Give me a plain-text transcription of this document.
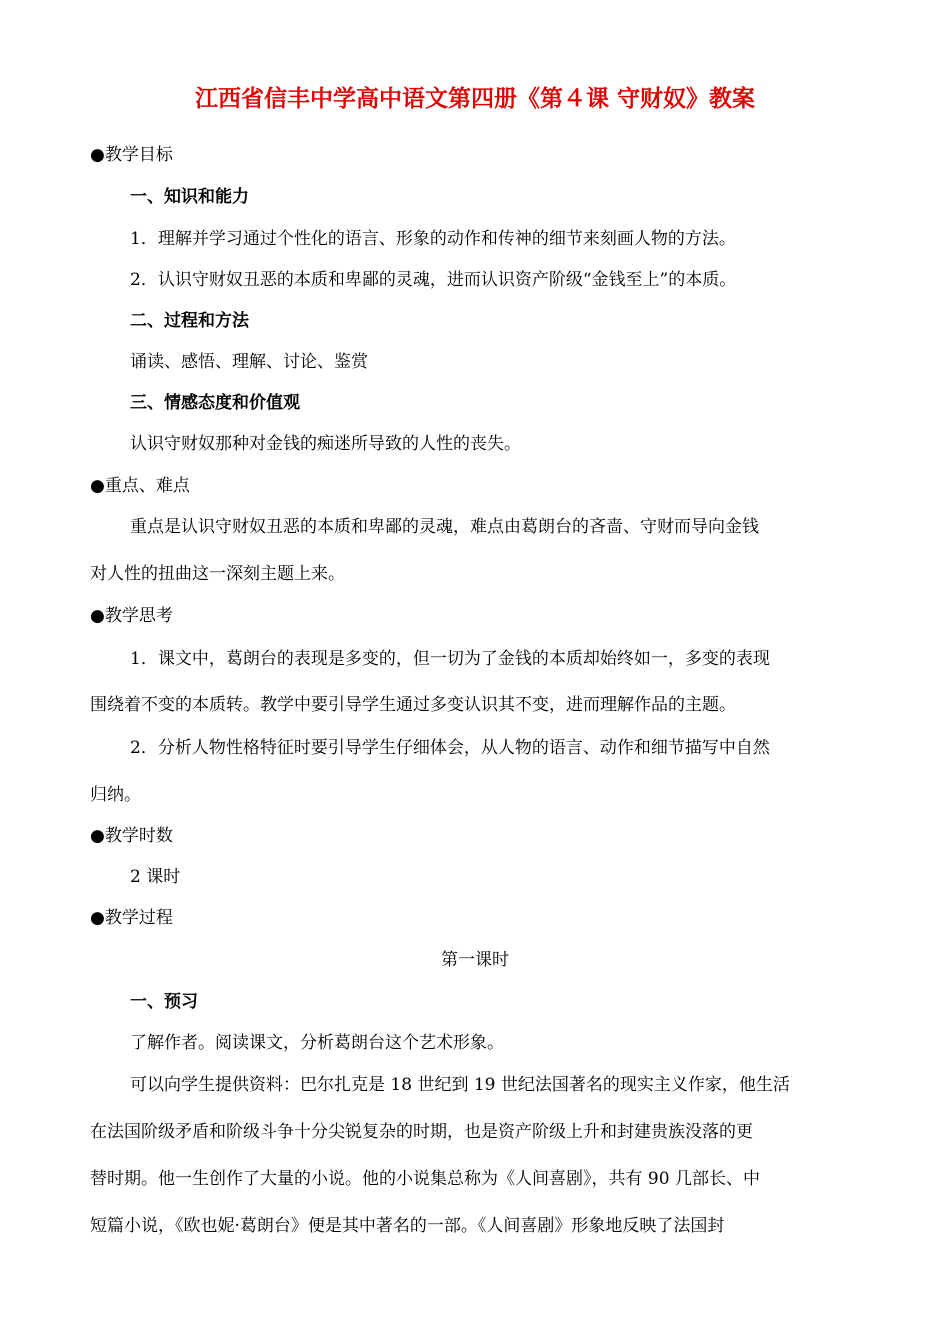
江西省信丰中学高中语文第四册《第４课 守财奴》教案
●教学目标
一、知识和能力
1．理解并学习通过个性化的语言、形象的动作和传神的细节来刻画人物的方法。
2．认识守财奴丑恶的本质和卑鄙的灵魂，进而认识资产阶级“金钱至上”的本质。
二、过程和方法
诵读、感悟、理解、讨论、鉴赏
三、情感态度和价值观
认识守财奴那种对金钱的痴迷所导致的人性的丧失。
●重点、难点
重点是认识守财奴丑恶的本质和卑鄙的灵魂，难点由葛朗台的吝啬、守财而导向金钱
对人性的扭曲这一深刻主题上来。
●教学思考
1．课文中，葛朗台的表现是多变的，但一切为了金钱的本质却始终如一，多变的表现
围绕着不变的本质转。教学中要引导学生通过多变认识其不变，进而理解作品的主题。
2．分析人物性格特征时要引导学生仔细体会，从人物的语言、动作和细节描写中自然
归纳。
●教学时数
2 课时
●教学过程
第一课时
一、预习
了解作者。阅读课文，分析葛朗台这个艺术形象。
可以向学生提供资料：巴尔扎克是 18 世纪到 19 世纪法国著名的现实主义作家，他生活
在法国阶级矛盾和阶级斗争十分尖锐复杂的时期，也是资产阶级上升和封建贵族没落的更
替时期。他一生创作了大量的小说。他的小说集总称为《人间喜剧》，共有 90 几部长、中
短篇小说，《欧也妮·葛朗台》便是其中著名的一部。《人间喜剧》形象地反映了法国封
